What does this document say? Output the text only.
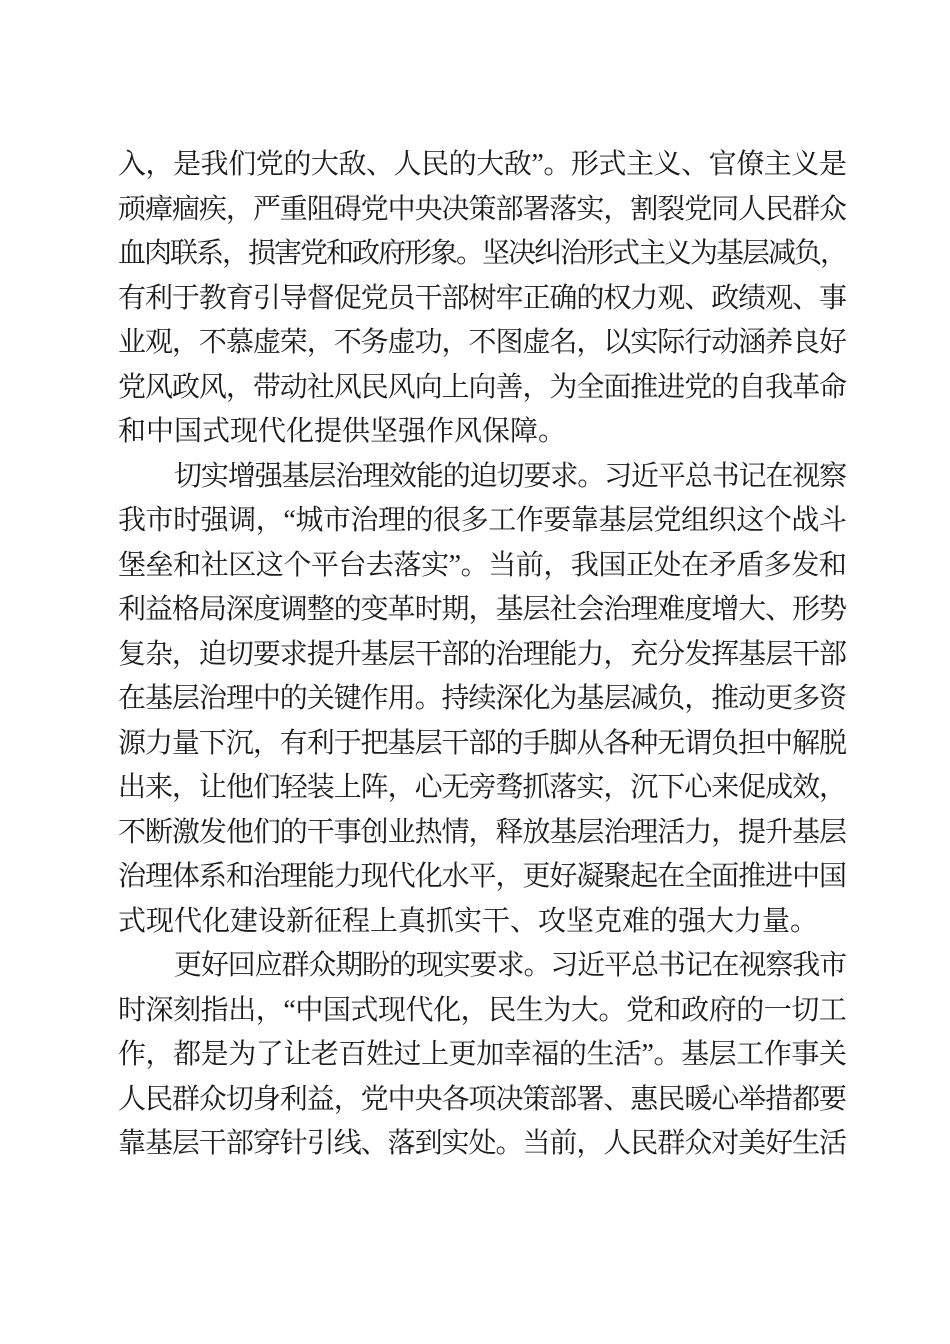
入，是我们党的大敌、人民的大敌”。形式主义、官僚主义是
顽瘴痼疾，严重阻碍党中央决策部署落实，割裂党同人民群众
血肉联系，损害党和政府形象。坚决纠治形式主义为基层减负，
有利于教育引导督促党员干部树牢正确的权力观、政绩观、事
业观，不慕虚荣，不务虚功，不图虚名，以实际行动涵养良好
党风政风，带动社风民风向上向善，为全面推进党的自我革命
和中国式现代化提供坚强作风保障。
切实增强基层治理效能的迫切要求。习近平总书记在视察
我市时强调，“城市治理的很多工作要靠基层党组织这个战斗
堡垒和社区这个平台去落实”。当前，我国正处在矛盾多发和
利益格局深度调整的变革时期，基层社会治理难度增大、形势
复杂，迫切要求提升基层干部的治理能力，充分发挥基层干部
在基层治理中的关键作用。持续深化为基层减负，推动更多资
源力量下沉，有利于把基层干部的手脚从各种无谓负担中解脱
出来，让他们轻装上阵，心无旁骛抓落实，沉下心来促成效，
不断激发他们的干事创业热情，释放基层治理活力，提升基层
治理体系和治理能力现代化水平，更好凝聚起在全面推进中国
式现代化建设新征程上真抓实干、攻坚克难的强大力量。
更好回应群众期盼的现实要求。习近平总书记在视察我市
时深刻指出，“中国式现代化，民生为大。党和政府的一切工
作，都是为了让老百姓过上更加幸福的生活”。基层工作事关
人民群众切身利益，党中央各项决策部署、惠民暖心举措都要
靠基层干部穿针引线、落到实处。当前，人民群众对美好生活
